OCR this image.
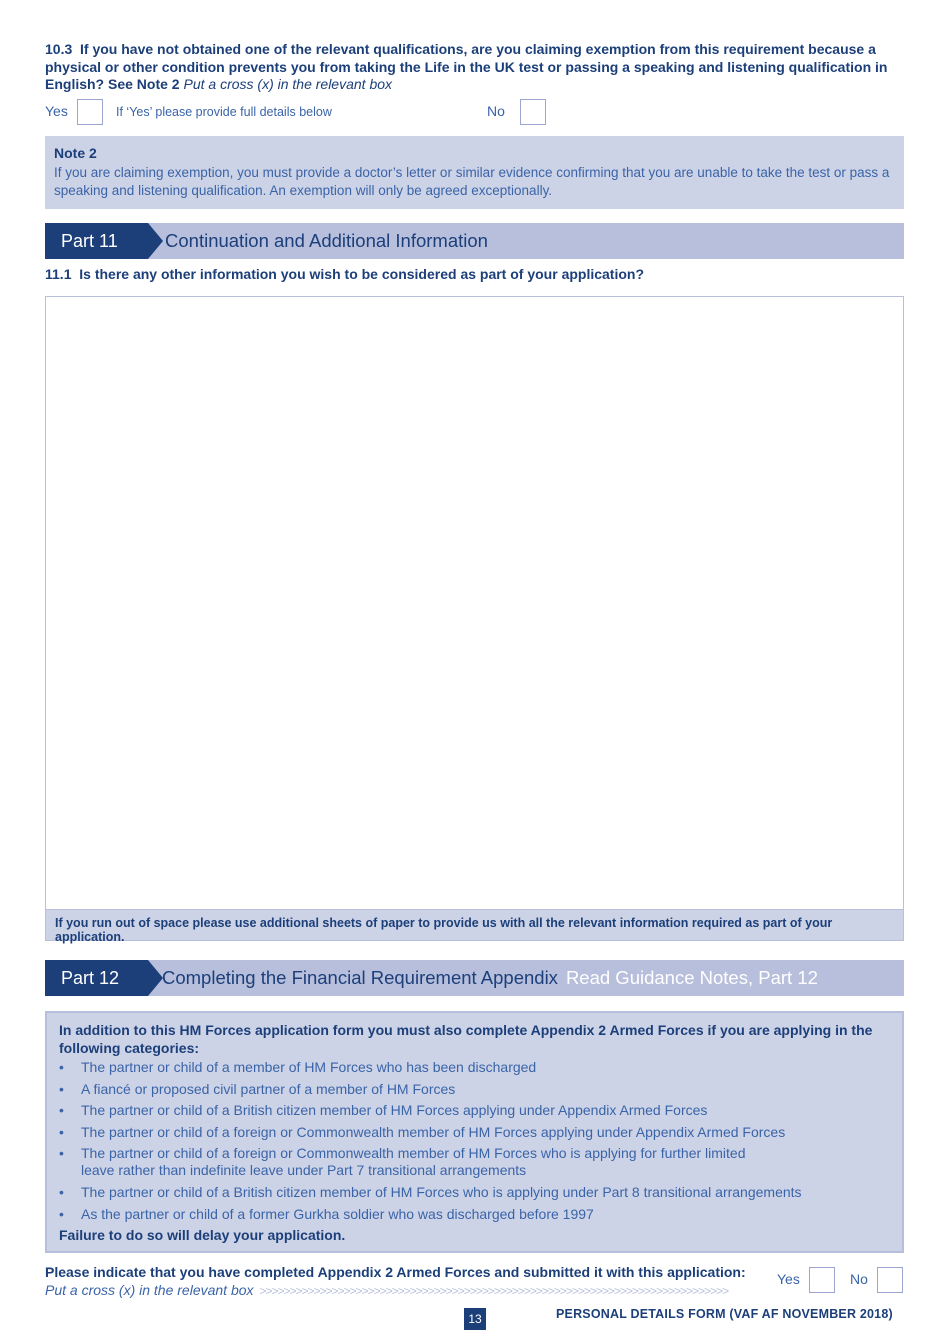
10.3 If you have not obtained one of the relevant qualifications, are you claiming exemption from this requirement because a physical or other condition prevents you from taking the Life in the UK test or passing a speaking and listening qualification in English? See Note 2 Put a cross (x) in the relevant box
Yes	If ‘Yes’ please provide full details below	No
Note 2
If you are claiming exemption, you must provide a doctor’s letter or similar evidence confirming that you are unable to take the test or pass a speaking and listening qualification. An exemption will only be agreed exceptionally.
Part 11	Continuation and Additional Information
11.1 Is there any other information you wish to be considered as part of your application?
If you run out of space please use additional sheets of paper to provide us with all the relevant information required as part of your application.
Part 12	Completing the Financial Requirement Appendix Read Guidance Notes, Part 12
In addition to this HM Forces application form you must also complete Appendix 2 Armed Forces if you are applying in the following categories:
• The partner or child of a member of HM Forces who has been discharged
• A fiancé or proposed civil partner of a member of HM Forces
• The partner or child of a British citizen member of HM Forces applying under Appendix Armed Forces
• The partner or child of a foreign or Commonwealth member of HM Forces applying under Appendix Armed Forces
• The partner or child of a foreign or Commonwealth member of HM Forces who is applying for further limited leave rather than indefinite leave under Part 7 transitional arrangements
• The partner or child of a British citizen member of HM Forces who is applying under Part 8 transitional arrangements
• As the partner or child of a former Gurkha soldier who was discharged before 1997
Failure to do so will delay your application.
Please indicate that you have completed Appendix 2 Armed Forces and submitted it with this application:
Put a cross (x) in the relevant box >>>>>>>>>>>>>>>>>>>>>>>>>>>>>>>>>>>>>>>>>>>>>>>>>>>>>>>>>>>>>>>>>>>>>>>>>>>>>>
Yes	No
13	PERSONAL DETAILS FORM (VAF AF NOVEMBER 2018)
